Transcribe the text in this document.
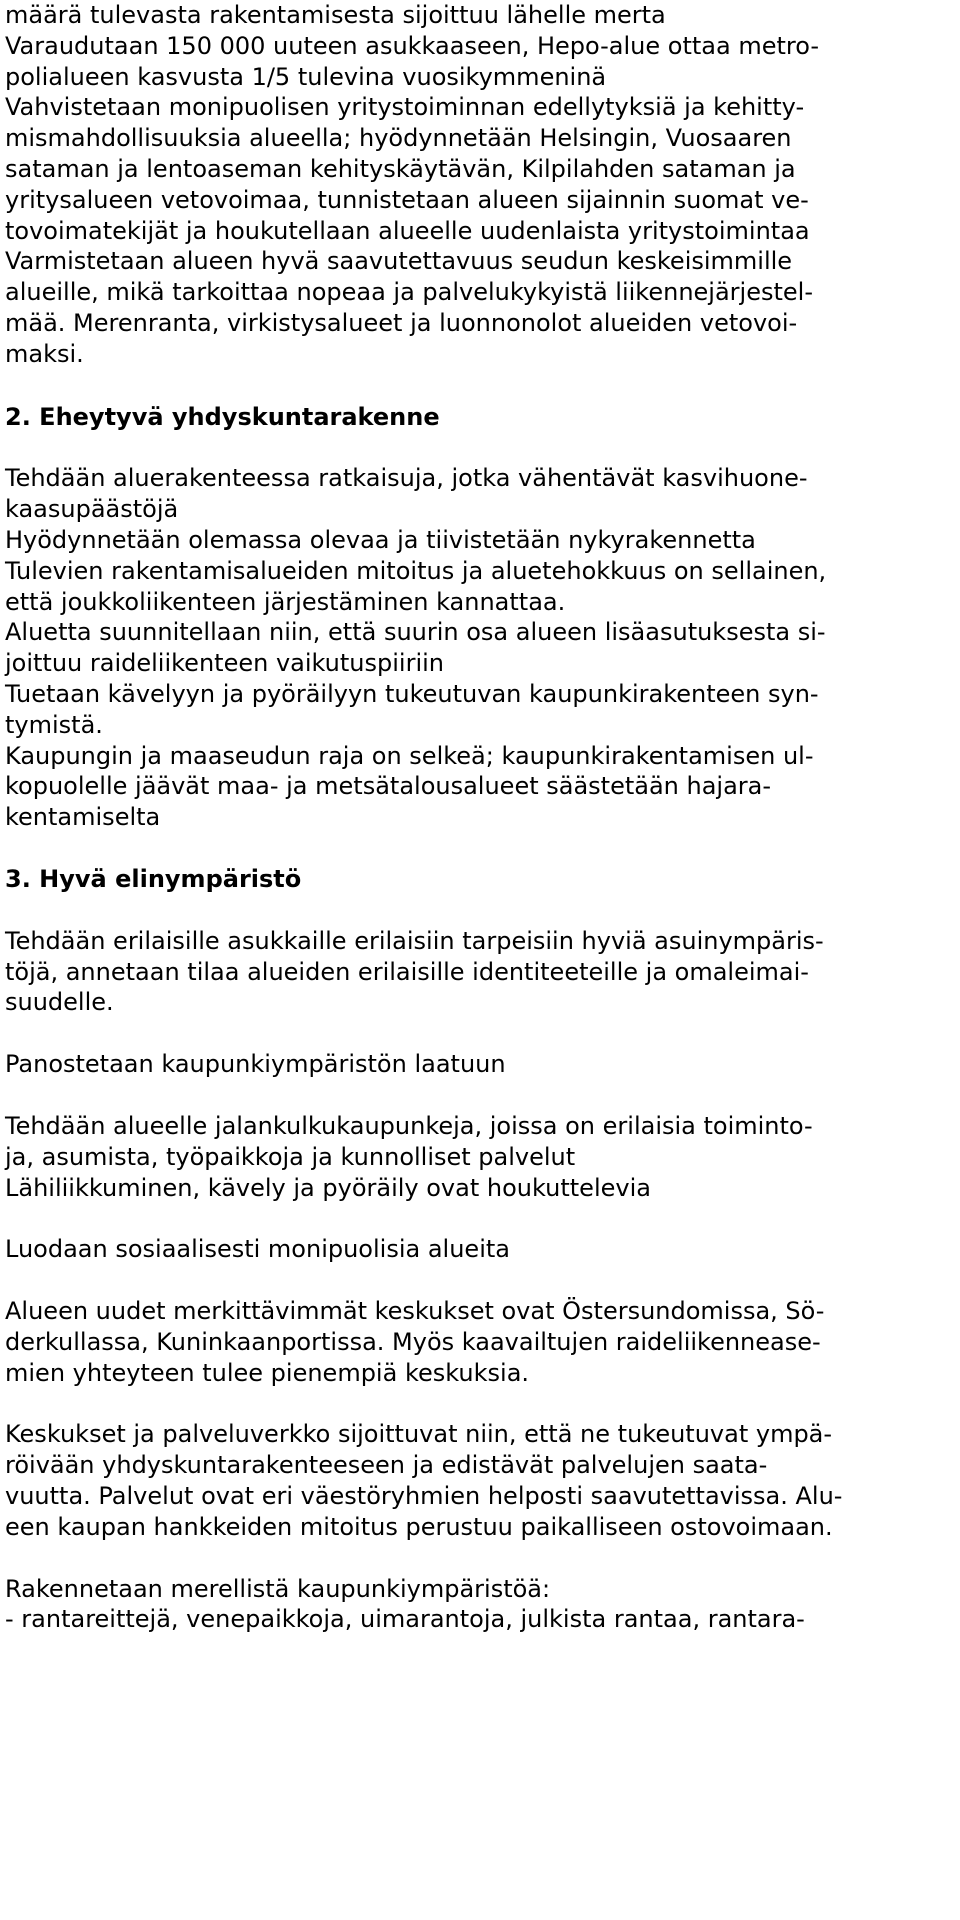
määrä tulevasta rakentamisesta sijoittuu lähelle merta
Varaudutaan 150 000 uuteen asukkaaseen, Hepo-alue ottaa metro-
polialueen kasvusta 1/5 tulevina vuosikymmeninä
Vahvistetaan monipuolisen yritystoiminnan edellytyksiä ja kehitty-
mismahdollisuuksia alueella; hyödynnetään Helsingin, Vuosaaren
sataman ja lentoaseman kehityskäytävän, Kilpilahden sataman ja
yritysalueen vetovoimaa, tunnistetaan alueen sijainnin suomat ve-
tovoimatekijät ja houkutellaan alueelle uudenlaista yritystoimintaa
Varmistetaan alueen hyvä saavutettavuus seudun keskeisimmille
alueille, mikä tarkoittaa nopeaa ja palvelukykyistä liikennejärjestel-
mää. Merenranta, virkistysalueet ja luonnonolot alueiden vetovoi-
maksi.
2. Eheytyvä yhdyskuntarakenne
Tehdään aluerakenteessa ratkaisuja, jotka vähentävät kasvihuone-
kaasupäästöjä
Hyödynnetään olemassa olevaa ja tiivistetään nykyrakennetta
Tulevien rakentamisalueiden mitoitus ja aluetehokkuus on sellainen,
että joukkoliikenteen järjestäminen kannattaa.
Aluetta suunnitellaan niin, että suurin osa alueen lisäasutuksesta si-
joittuu raideliikenteen vaikutuspiiriin
Tuetaan kävelyyn ja pyöräilyyn tukeutuvan kaupunkirakenteen syn-
tymistä.
Kaupungin ja maaseudun raja on selkeä; kaupunkirakentamisen ul-
kopuolelle jäävät maa- ja metsätalousalueet säästetään hajara-
kentamiselta
3. Hyvä elinympäristö
Tehdään erilaisille asukkaille erilaisiin tarpeisiin hyviä asuinympäris-
töjä, annetaan tilaa alueiden erilaisille identiteeteille ja omaleimai-
suudelle.
Panostetaan kaupunkiympäristön laatuun
Tehdään alueelle jalankulkukaupunkeja, joissa on erilaisia toiminto-
ja, asumista, työpaikkoja ja kunnolliset palvelut
Lähiliikkuminen, kävely ja pyöräily ovat houkuttelevia
Luodaan sosiaalisesti monipuolisia alueita
Alueen uudet merkittävimmät keskukset ovat Östersundomissa, Sö-
derkullassa, Kuninkaanportissa. Myös kaavailtujen raideliikennease-
mien yhteyteen tulee pienempiä keskuksia.
Keskukset ja palveluverkko sijoittuvat niin, että ne tukeutuvat ympä-
röivään yhdyskuntarakenteeseen ja edistävät palvelujen saata-
vuutta. Palvelut ovat eri väestöryhmien helposti saavutettavissa. Alu-
een kaupan hankkeiden mitoitus perustuu paikalliseen ostovoimaan.
Rakennetaan merellistä kaupunkiympäristöä:
- rantareittejä, venepaikkoja, uimarantoja, julkista rantaa, rantara-
